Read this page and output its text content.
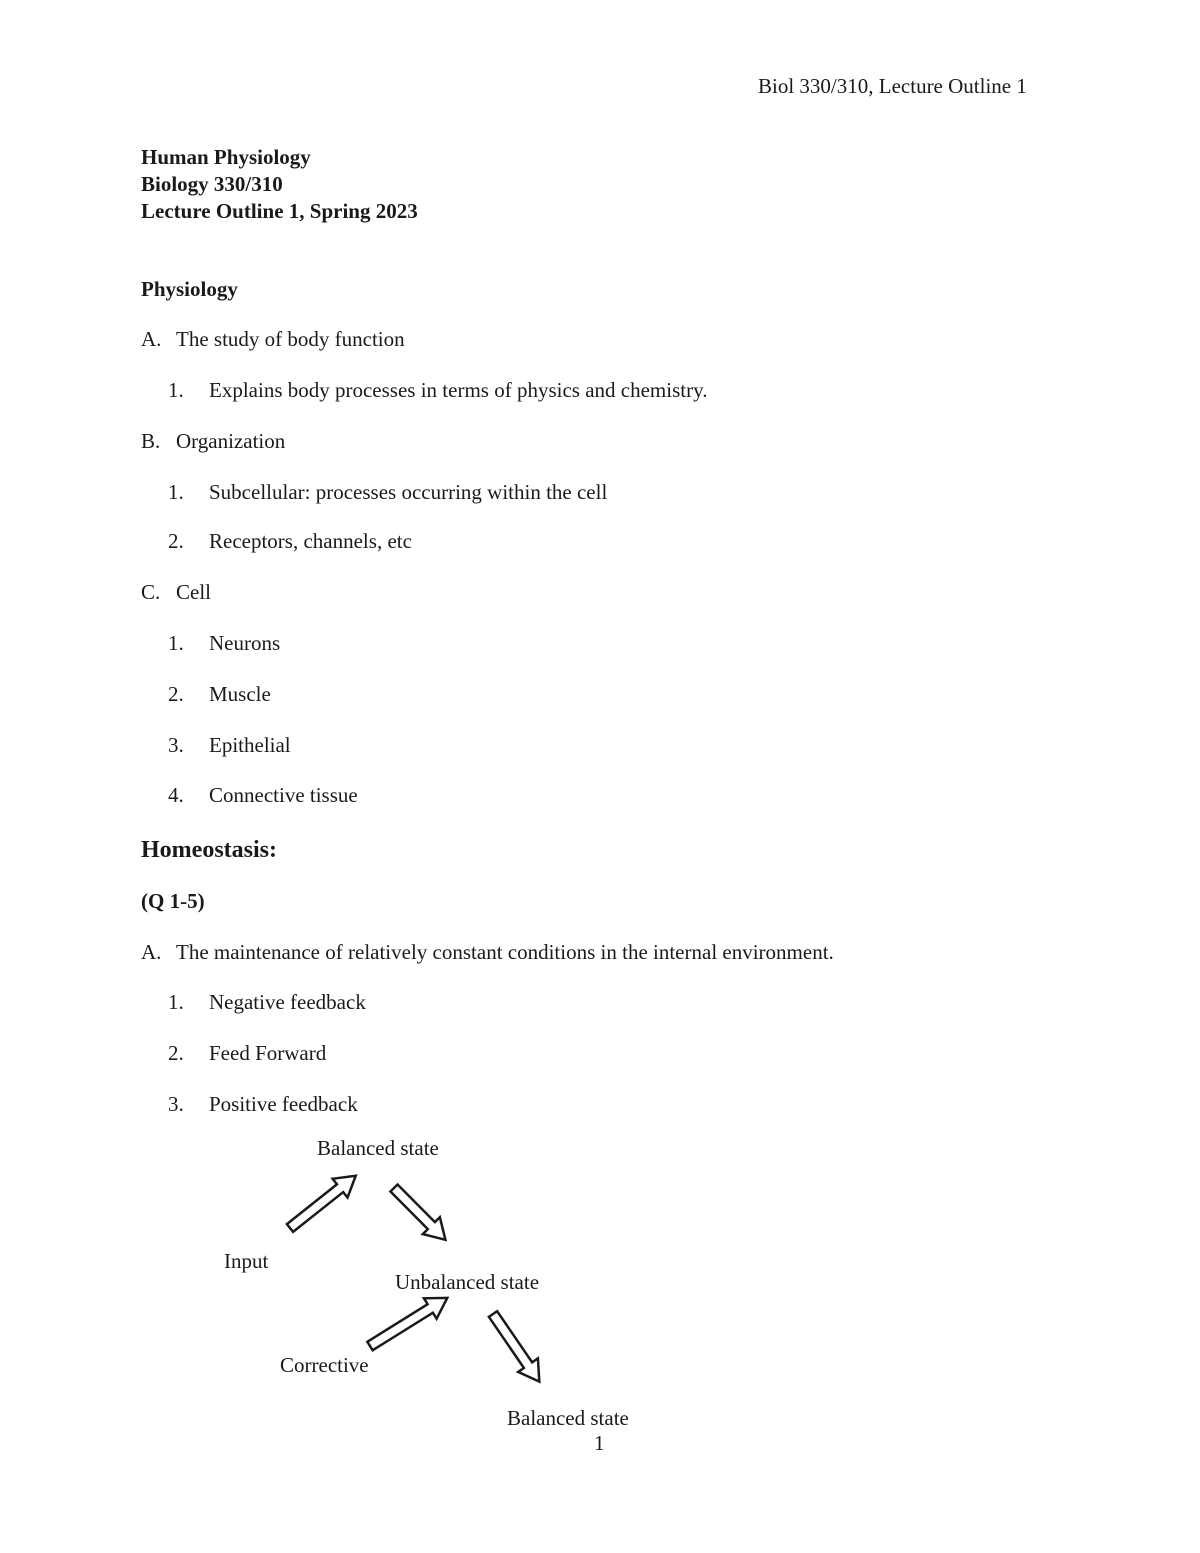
Biol 330/310, Lecture Outline 1
Human Physiology
Biology 330/310
Lecture Outline 1, Spring 2023
Physiology
A. The study of body function
1. Explains body processes in terms of physics and chemistry.
B. Organization
1. Subcellular: processes occurring within the cell
2. Receptors, channels, etc
C. Cell
1. Neurons
2. Muscle
3. Epithelial
4. Connective tissue
Homeostasis:
(Q 1-5)
A. The maintenance of relatively constant conditions in the internal environment.
1. Negative feedback
2. Feed Forward
3. Positive feedback
Balanced state
Input
Unbalanced state
Corrective
Balanced state
1
